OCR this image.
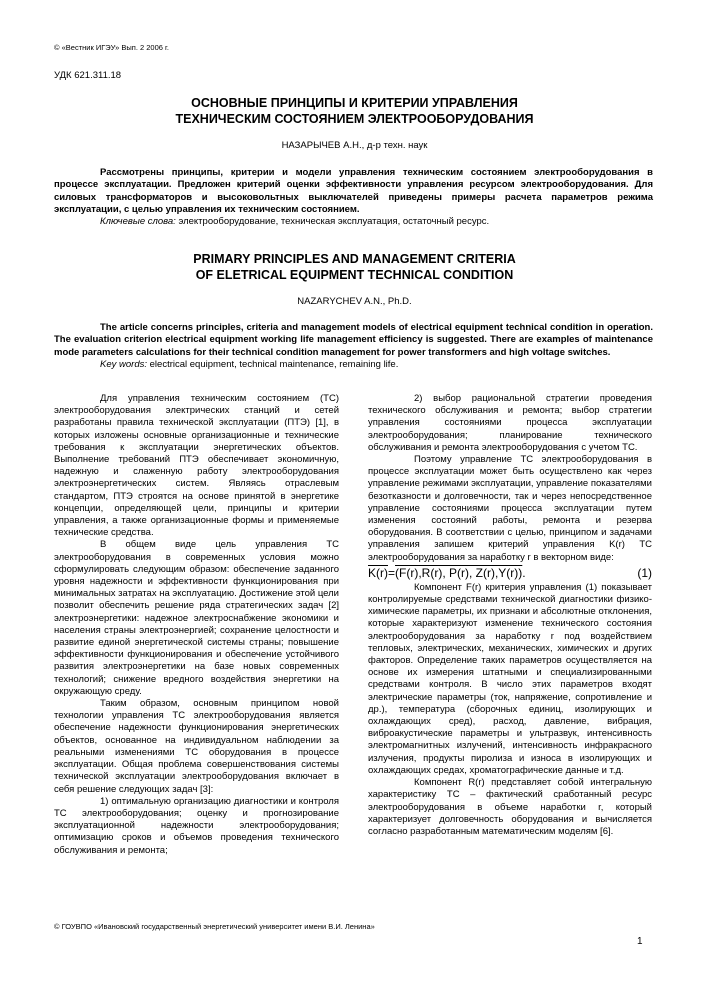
© «Вестник ИГЭУ» Вып. 2 2006 г.
УДК 621.311.18
ОСНОВНЫЕ ПРИНЦИПЫ И КРИТЕРИИ УПРАВЛЕНИЯ
ТЕХНИЧЕСКИМ СОСТОЯНИЕМ ЭЛЕКТРООБОРУДОВАНИЯ
НАЗАРЫЧЕВ А.Н., д-р техн. наук

Рассмотрены принципы, критерии и модели управления техническим состоянием электрооборудования в процессе эксплуатации. Предложен критерий оценки эффективности управления ресурсом электрооборудования. Для силовых трансформаторов и высоковольтных выключателей приведены примеры расчета параметров режима эксплуатации, с целью управления их техническим состоянием.

Ключевые слова: электрооборудование, техническая эксплуатация, остаточный ресурс.

PRIMARY PRINCIPLES AND MANAGEMENT CRITERIA
OF ELETRICAL EQUIPMENT TECHNICAL CONDITION
NAZARYCHEV A.N., Ph.D.

The article concerns principles, criteria and management models of electrical equipment technical condition in operation. The evaluation criterion electrical equipment working life management efficiency is suggested. There are examples of maintenance mode parameters calculations for their technical condition management for power transformers and high voltage switches.

Key words: electrical equipment, technical maintenance, remaining life.

Для управления техническим состоянием (ТС) электрооборудования электрических станций и сетей разработаны правила технической эксплуатации (ПТЭ) [1], в которых изложены основные организационные и технические требования к эксплуатации энергетических объектов. Выполнение требований ПТЭ обеспечивает экономичную, надежную и слаженную работу электрооборудования электроэнергетических систем. Являясь отраслевым стандартом, ПТЭ строятся на основе принятой в энергетике концепции, определяющей цели, принципы и критерии управления, а также организационные формы и применяемые технические средства.

В общем виде цель управления ТС электрооборудования в современных условия можно сформулировать следующим образом: обеспечение заданного уровня надежности и эффективности функционирования при минимальных затратах на эксплуатацию. Достижение этой цели позволит обеспечить решение ряда стратегических задач [2] электроэнергетики: надежное электроснабжение экономики и населения страны электроэнергией; сохранение целостности и развитие единой энергетической системы страны; повышение эффективности функционирования и обеспечение устойчивого развития электроэнергетики на базе новых современных технологий; снижение вредного воздействия энергетики на окружающую среду.

Таким образом, основным принципом новой технологии управления ТС электрооборудования является обеспечение надежности функционирования энергетических объектов, основанное на индивидуальном наблюдении за реальными изменениями ТС оборудования в процессе эксплуатации. Общая проблема совершенствования системы технической эксплуатации электрооборудования включает в себя решение следующих задач [3]:

1) оптимальную организацию диагностики и контроля ТС электрооборудования; оценку и прогнозирование эксплуатационной надежности электрооборудования; оптимизацию сроков и объемов проведения технического обслуживания и ремонта;

2) выбор рациональной стратегии проведения технического обслуживания и ремонта; выбор стратегии управления состояниями процесса эксплуатации электрооборудования; планирование технического обслуживания и ремонта электрооборудования с учетом ТС.

Поэтому управление ТС электрооборудования в процессе эксплуатации может быть осуществлено как через управление режимами эксплуатации, управление показателями безотказности и долговечности, так и через непосредственное управление состояниями процесса эксплуатации путем изменения состояний работы, ремонта и резерва оборудования. В соответствии с целью, принципом и задачами управления запишем критерий управления K(r) ТС электрооборудования за наработку r в векторном виде:

K(r)=(F(r),R(r), P(r), Z(r),Y(r)).	(1)

Компонент F(r) критерия управления (1) показывает контролируемые средствами технической диагностики физико-химические параметры, их признаки и абсолютные отклонения, которые характеризуют изменение технического состояния электрооборудования за наработку r под воздействием тепловых, электрических, механических, химических и других факторов. Определение таких параметров осуществляется на основе их измерения штатными и специализированными средствами контроля. В число этих параметров входят электрические параметры (ток, напряжение, сопротивление и др.), температура (сборочных единиц, изолирующих и охлаждающих сред), расход, давление, вибрация, виброакустические параметры и ультразвук, интенсивность электромагнитных излучений, интенсивность инфракрасного излучения, продукты пиролиза и износа в изолирующих и охлаждающих средах, хроматографические данные и т.д.

Компонент R(r) представляет собой интегральную характеристику ТС – фактический сработанный ресурс электрооборудования в объеме наработки r, который характеризует долговечность оборудования и вычисляется согласно разработанным математическим моделям [6].

© ГОУВПО «Ивановский государственный энергетический университет имени В.И. Ленина»
1
